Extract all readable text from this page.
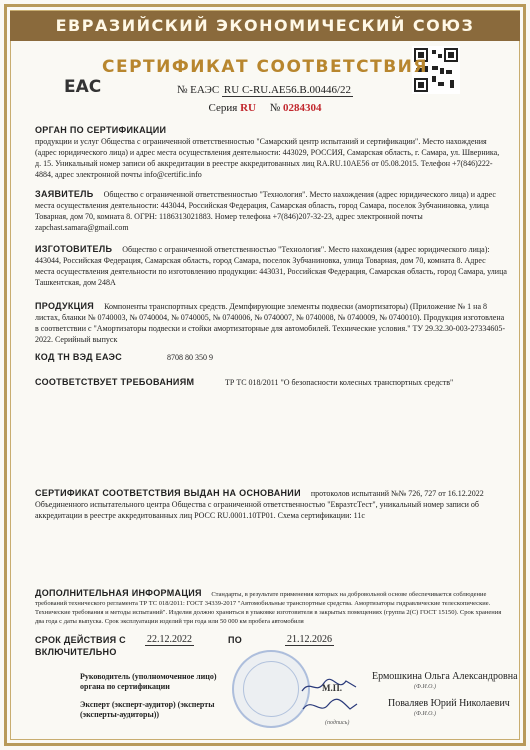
ЕВРАЗИЙСКИЙ ЭКОНОМИЧЕСКИЙ СОЮЗ
ЕАС
СЕРТИФИКАТ СООТВЕТСТВИЯ
№ ЕАЭС RU С-RU.АЕ56.В.00446/22
Серия RU № 0284304
ОРГАН ПО СЕРТИФИКАЦИИ
продукции и услуг Общества с ограниченной ответственностью "Самарский центр испытаний и сертификации". Место нахождения (адрес юридического лица) и адрес места осуществления деятельности: 443029, РОССИЯ, Самарская область, г. Самара, ул. Шверника, д. 15. Уникальный номер записи об аккредитации в реестре аккредитованных лиц RA.RU.10АЕ56 от 05.08.2015. Телефон +7(846)222-4884, адрес электронной почты info@certific.info
ЗАЯВИТЕЛЬ Общество с ограниченной ответственностью "Технология". Место нахождения (адрес юридического лица) и адрес места осуществления деятельности: 443044, Российская Федерация, Самарская область, город Самара, поселок Зубчаниновка, улица Товарная, дом 70, комната 8. ОГРН: 1186313021883. Номер телефона +7(846)207-32-23, адрес электронной почты zapchast.samara@gmail.com
ИЗГОТОВИТЕЛЬ Общество с ограниченной ответственностью "Технология". Место нахождения (адрес юридического лица): 443044, Российская Федерация, Самарская область, город Самара, поселок Зубчаниновка, улица Товарная, дом 70, комната 8. Адрес места осуществления деятельности по изготовлению продукции: 443031, Российская Федерация, Самарская область, город Самара, улица Ташкентская, дом 248А
ПРОДУКЦИЯ Компоненты транспортных средств. Демпфирующие элементы подвески (амортизаторы) (Приложение № 1 на 8 листах, бланки № 0740003, № 0740004, № 0740005, № 0740006, № 0740007, № 0740008, № 0740009, № 0740010). Продукция изготовлена в соответствии с "Амортизаторы подвески и стойки амортизаторные для автомобилей. Технические условия." ТУ 29.32.30-003-27334605-2022. Серийный выпуск
КОД ТН ВЭД ЕАЭС	8708 80 350 9
СООТВЕТСТВУЕТ ТРЕБОВАНИЯМ	ТР ТС 018/2011 "О безопасности колесных транспортных средств"
СЕРТИФИКАТ СООТВЕТСТВИЯ ВЫДАН НА ОСНОВАНИИ протоколов испытаний №№ 726, 727 от 16.12.2022 Объединенного испытательного центра Общества с ограниченной ответственностью "ЕвразтсТест", уникальный номер записи об аккредитации в реестре аккредитованных лиц РОСС RU.0001.10ТР01. Схема сертификации: 11с
ДОПОЛНИТЕЛЬНАЯ ИНФОРМАЦИЯ Стандарты, в результате применения которых на добровольной основе обеспечивается соблюдение требований технического регламента ТР ТС 018/2011: ГОСТ 34339-2017 "Автомобильные транспортные средства. Амортизаторы гидравлические телескопические. Технические требования и методы испытаний". Изделия должно храниться в упаковке изготовителя в закрытых помещениях (группа 2(С) ГОСТ 15150). Срок хранения два года с даты выпуска. Срок эксплуатации изделий три года или 50 000 км пробега автомобиля
СРОК ДЕЙСТВИЯ С
ВКЛЮЧИТЕЛЬНО
22.12.2022	ПО	21.12.2026
Руководитель (уполномоченное лицо) органа по сертификации	М.П.
Ермошкина Ольга Александровна
(Ф.И.О.)
Эксперт (эксперт-аудитор) (эксперты (эксперты-аудиторы))
(подпись)
Поваляев Юрий Николаевич
(Ф.И.О.)
